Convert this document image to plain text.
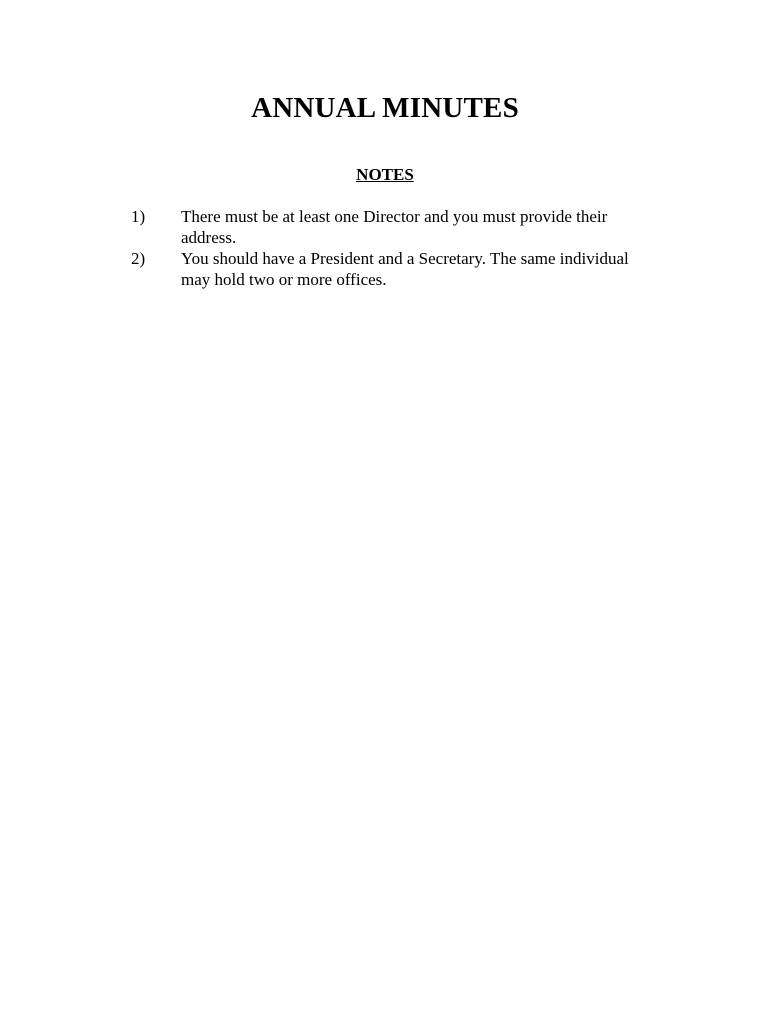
ANNUAL MINUTES
NOTES
1) There must be at least one Director and you must provide their address.
2) You should have a President and a Secretary. The same individual may hold two or more offices.
